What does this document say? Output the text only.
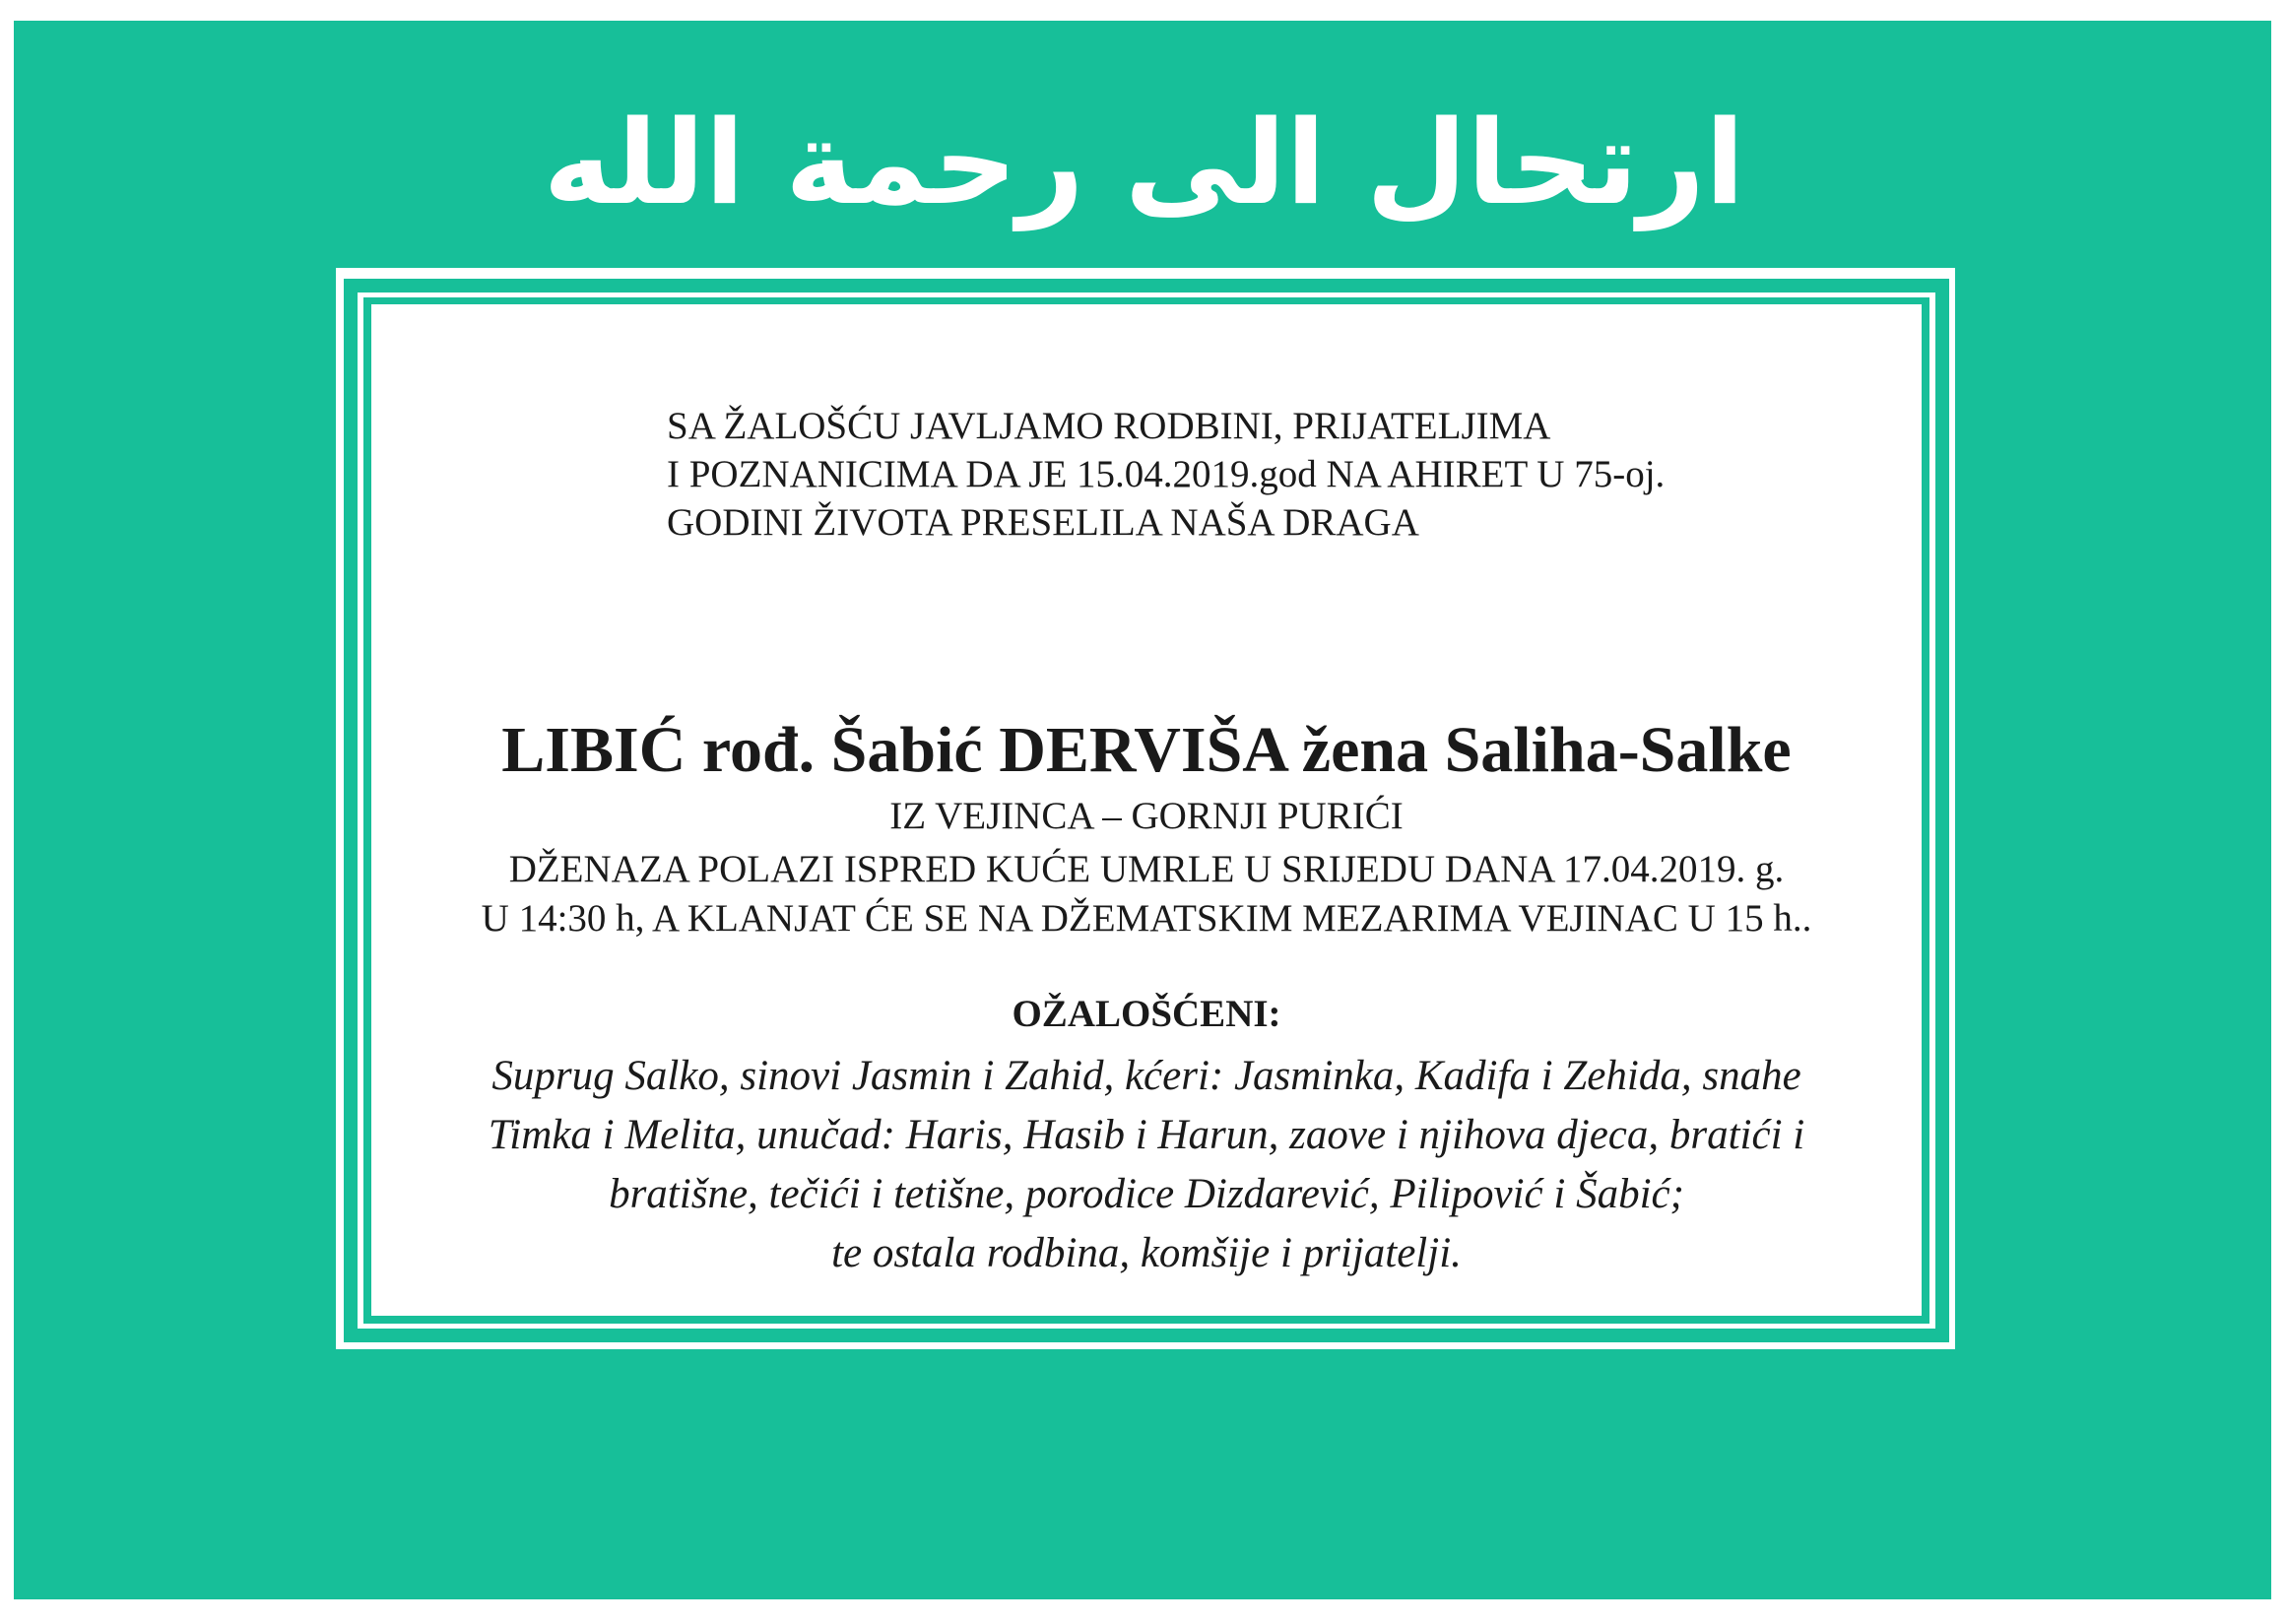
ارتحال الی رحمة الله
SA ŽALOŠĆU JAVLJAMO RODBINI, PRIJATELJIMA
I POZNANICIMA DA JE 15.04.2019.god NA AHIRET U 75-oj.
GODINI ŽIVOTA PRESELILA NAŠA DRAGA
LIBIĆ rođ. Šabić DERVIŠA žena Saliha-Salke
IZ VEJINCA – GORNJI PURIĆI
DŽENAZA POLAZI ISPRED KUĆE UMRLE U SRIJEDU DANA 17.04.2019. g.
U 14:30 h, A KLANJAT ĆE SE NA DŽEMATSKIM MEZARIMA VEJINAC U 15 h..
OŽALOŠĆENI:
Suprug Salko, sinovi Jasmin i Zahid, kćeri: Jasminka, Kadifa i Zehida, snahe
Timka i Melita, unučad: Haris, Hasib i Harun, zaove i njihova djeca, bratići i
bratišne, tečići i tetišne, porodice Dizdarević, Pilipović i Šabić;
te ostala rodbina, komšije i prijatelji.
